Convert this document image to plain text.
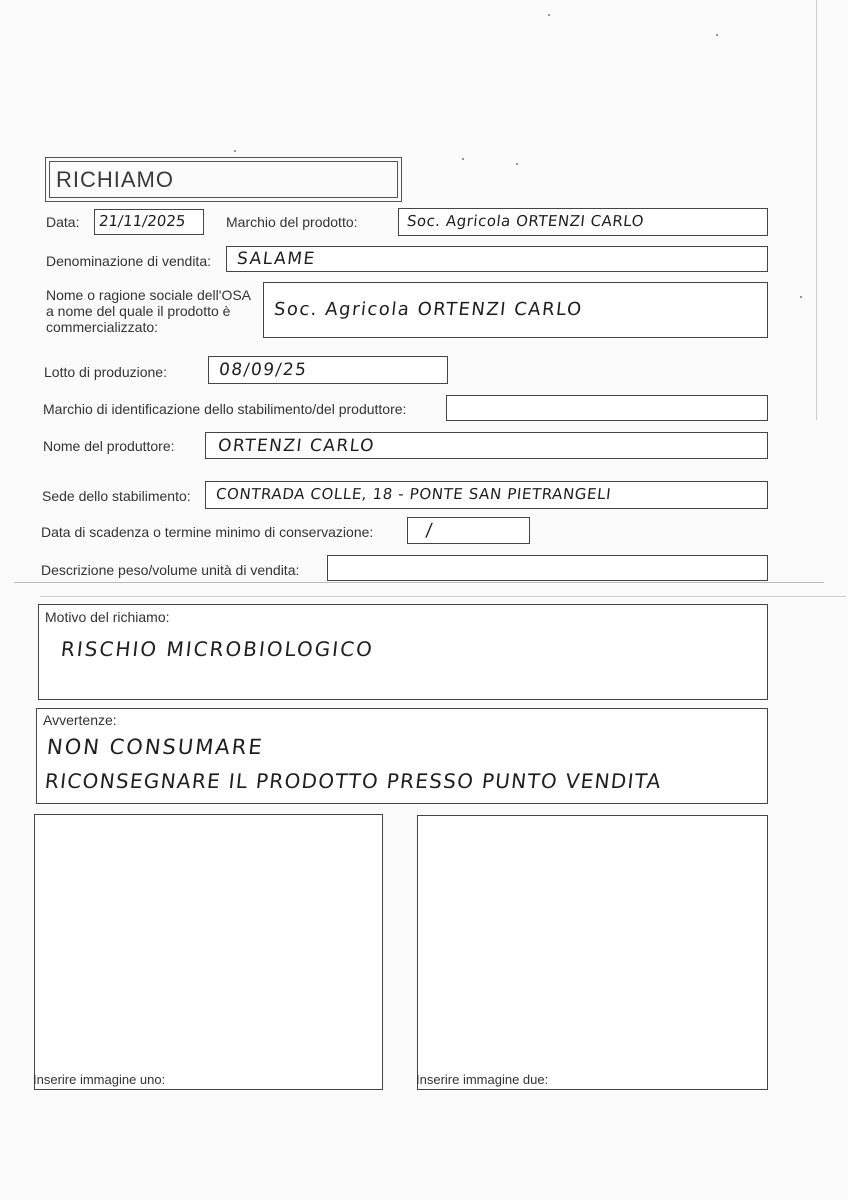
RICHIAMO
Data: 21/11/2025	Marchio del prodotto:	Soc. Agricola ORTENZI CARLO
Denominazione di vendita:	SALAME
Nome o ragione sociale dell'OSA
a nome del quale il prodotto è
commercializzato:
Soc. Agricola ORTENZI CARLO
Lotto di produzione:	08/09/25
Marchio di identificazione dello stabilimento/del produttore:
Nome del produttore:	ORTENZI CARLO
Sede dello stabilimento:	CONTRADA COLLE, 18 - PONTE SAN PIETRANGELI
Data di scadenza o termine minimo di conservazione:	/
Descrizione peso/volume unità di vendita:
Motivo del richiamo:
RISCHIO MICROBIOLOGICO
Avvertenze:
NON CONSUMARE
RICONSEGNARE IL PRODOTTO PRESSO PUNTO VENDITA
Inserire immagine uno:	Inserire immagine due:
